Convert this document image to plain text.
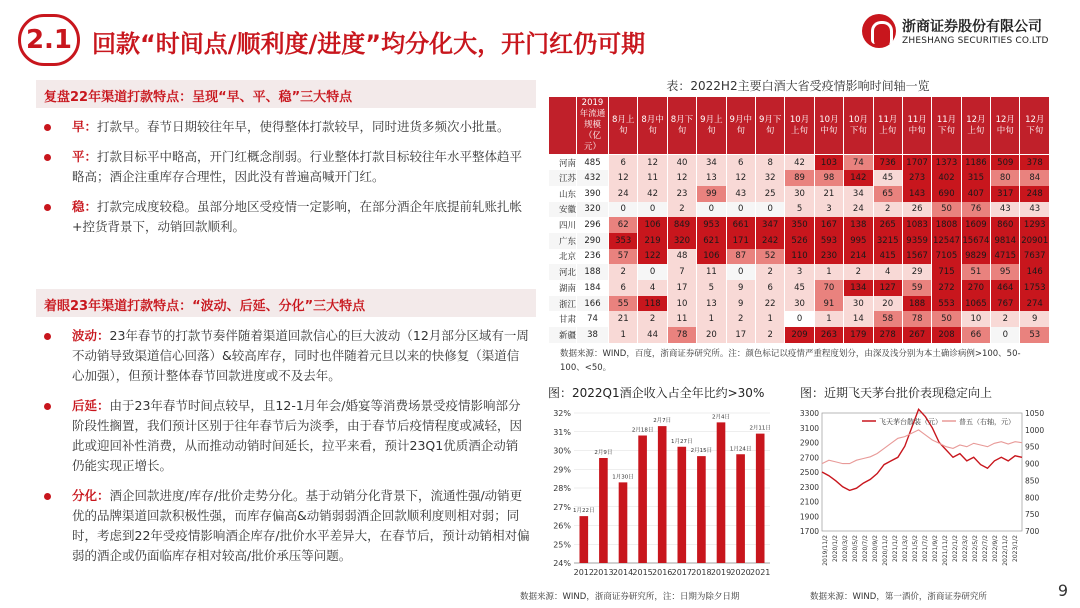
2.1 回款“时间点/顺利度/进度”均分化大，开门红仍可期
浙商证券股份有限公司
ZHESHANG SECURITIES CO.LTD
复盘22年渠道打款特点：呈现“早、平、稳”三大特点
早：打款早。春节日期较往年早，使得整体打款较早，同时进货多频次小批量。
平：打款目标平中略高，开门红概念削弱。行业整体打款目标较往年水平整体趋平略高；酒企注重库存合理性，因此没有普遍高喊开门红。
稳：打款完成度较稳。虽部分地区受疫情一定影响，在部分酒企年底提前轧账扎帐+控货背景下，动销回款顺利。
着眼23年渠道打款特点：“波动、后延、分化”三大特点
波动：23年春节的打款节奏伴随着渠道回款信心的巨大波动（12月部分区域有一周不动销导致渠道信心回落）&较高库存，同时也伴随着元旦以来的快修复（渠道信心加强），但预计整体春节回款进度或不及去年。
后延：由于23年春节时间点较早，且12-1月年会/婚宴等消费场景受疫情影响部分阶段性搁置，我们预计区别于往年春节后为淡季，由于春节后疫情程度或减轻，因此或迎回补性消费，从而推动动销时间延长，拉平来看，预计23Q1优质酒企动销仍能实现正增长。
分化：酒企回款进度/库存/批价走势分化。基于动销分化背景下，流通性强/动销更优的品牌渠道回款积极性强，而库存偏高&动销弱弱酒企回款顺利度则相对弱；同时，考虑到22年受疫情影响酒企库存/批价水平差异大，在春节后，预计动销相对偏弱的酒企或仍面临库存相对较高/批价承压等问题。
表：2022H2主要白酒大省受疫情影响时间轴一览
	2019年流通规模（亿元）	8月上旬	8月中旬	8月下旬	9月上旬	9月中旬	9月下旬	10月上旬	10月中旬	10月下旬	11月上旬	11月中旬	11月下旬	12月上旬	12月中旬	12月下旬
河南	485	6	12	40	34	6	8	42	103	74	736	1707	1373	1186	509	378
江苏	432	12	11	12	13	12	32	89	98	142	45	273	402	315	80	84
山东	390	24	42	23	99	43	25	30	21	34	65	143	690	407	317	248
安徽	320	0	0	2	0	0	0	5	3	24	2	26	50	76	43	43
四川	296	62	106	849	953	661	347	350	167	138	265	1083	1808	1609	860	1293
广东	290	353	219	320	621	171	242	526	593	995	3215	9359	12547	15674	9814	20901
北京	236	57	122	48	106	87	52	110	230	214	415	1567	7105	9829	4715	7637
河北	188	2	0	7	11	0	2	3	1	2	4	29	715	51	95	146
湖南	184	6	4	17	5	9	6	45	70	134	127	59	272	270	464	1753
浙江	166	55	118	10	13	9	22	30	91	30	20	188	553	1065	767	274
甘肃	74	21	2	11	1	2	1	0	1	14	58	78	50	10	2	9
新疆	38	1	44	78	20	17	2	209	263	179	278	267	208	66	0	53
数据来源：WIND，百度，浙商证券研究所。注：颜色标记以疫情严重程度划分，由深及浅分别为本土确诊病例>100、50-100、<50。
图：2022Q1酒企收入占全年比约>30%
24%
25%
26%
27%
28%
29%
30%
31%
32%
1月22日
2012
2月9日
2013
1月30日
2014
2月18日
2015
2月7日
2016
1月27日
2017
2月15日
2018
2月4日
2019
1月24日
2020
2月11日
2021
数据来源：WIND，浙商证券研究所，注：日期为除夕日期
图：近期飞天茅台批价表现稳定向上
1700
1900
2100
2300
2500
2700
2900
3100
3300
700
750
800
850
900
950
1000
1050
2019/11/2 2020/1/2 2020/3/2 2020/5/2 2020/7/2 2020/9/2 2020/11/2 2021/1/2 2021/3/2 2021/5/2 2021/7/2 2021/9/2 2021/11/2 2022/1/2 2022/3/2 2022/5/2 2022/7/2 2022/9/2 2022/11/2 2023/1/2
飞天茅台散装（元） 普五（右轴，元）
数据来源：WIND，第一酒价，浙商证券研究所	9
